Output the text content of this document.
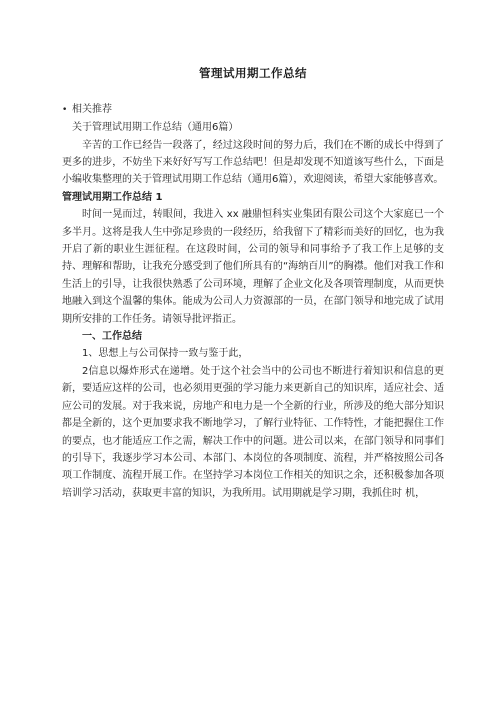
管理试用期工作总结
• 相关推荐

关于管理试用期工作总结（通用6篇）

辛苦的工作已经告一段落了，经过这段时间的努力后，我们在不断的成长中得到了更多的进步，不妨坐下来好好写写工作总结吧！但是却发现不知道该写些什么，下面是小编收集整理的关于管理试用期工作总结（通用6篇），欢迎阅读，希望大家能够喜欢。

管理试用期工作总结 1

时间一晃而过，转眼间，我进入 xx 融鼎恒科实业集团有限公司这个大家庭已一个多半月。这将是我人生中弥足珍贵的一段经历，给我留下了精彩而美好的回忆，也为我开启了新的职业生涯征程。在这段时间，公司的领导和同事给予了我工作上足够的支持、理解和帮助，让我充分感受到了他们所具有的“海纳百川”的胸襟。他们对我工作和生活上的引导，让我很快熟悉了公司环境，理解了企业文化及各项管理制度，从而更快地融入到这个温馨的集体。能成为公司人力资源部的一员，在部门领导和地完成了试用期所安排的工作任务。请领导批评指正。

一、工作总结

1、思想上与公司保持一致与鉴于此，

2信息以爆炸形式在递增。处于这个社会当中的公司也不断进行着知识和信息的更新，要适应这样的公司，也必须用更强的学习能力来更新自己的知识库，适应社会、适应公司的发展。对于我来说，房地产和电力是一个全新的行业，所涉及的绝大部分知识都是全新的，这个更加要求我不断地学习，了解行业特征、工作特性，才能把握住工作的要点，也才能适应工作之需，解决工作中的问题。进公司以来，在部门领导和同事们的引导下，我逐步学习本公司、本部门、本岗位的各项制度、流程，并严格按照公司各项工作制度、流程开展工作。在坚持学习本岗位工作相关的知识之余，还积极参加各项培训学习活动，获取更丰富的知识，为我所用。试用期就是学习期，我抓住时 机，
